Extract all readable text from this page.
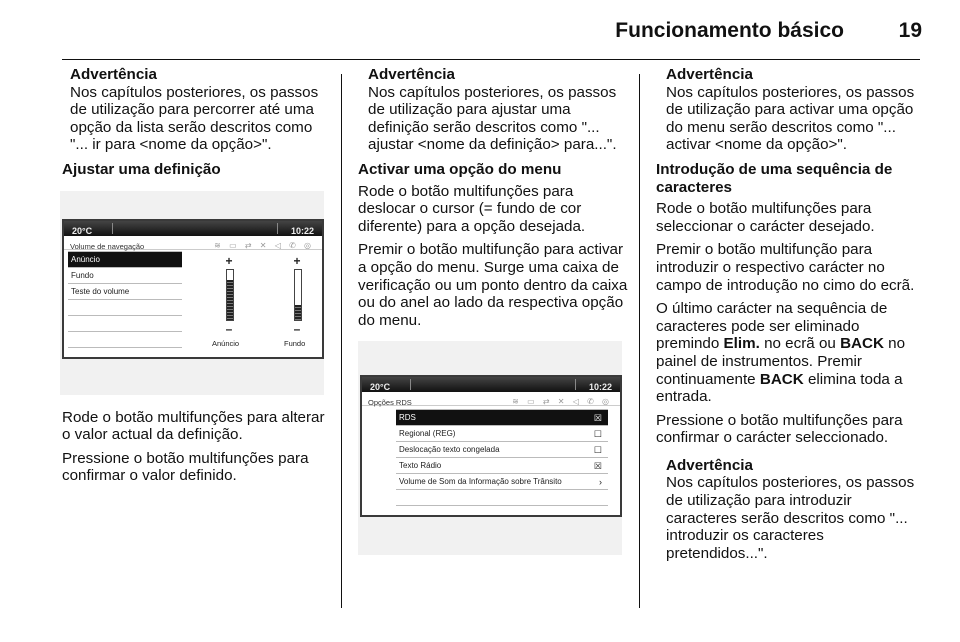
Funcionamento básico	19
Advertência
Nos capítulos posteriores, os passos de utilização para percorrer até uma opção da lista serão descritos como "... ir para <nome da opção>".
Ajustar uma definição
20°C	10:22
Volume de navegação	≋ ▭ ⇄ ✕ ◁ ✆ ◎
Anúncio
Fundo
Teste do volume
+
–
+
–
Anúncio	Fundo

Rode o botão multifunções para alterar o valor actual da definição.

Pressione o botão multifunções para confirmar o valor definido.

Advertência
Nos capítulos posteriores, os passos de utilização para ajustar uma definição serão descritos como "... ajustar <nome da definição> para...".
Activar uma opção do menu

Rode o botão multifunções para deslocar o cursor (= fundo de cor diferente) para a opção desejada.

Premir o botão multifunção para activar a opção do menu. Surge uma caixa de verificação ou um ponto dentro da caixa ou do anel ao lado da respectiva opção do menu.

20°C	10:22
Opções RDS	≋ ▭ ⇄ ✕ ◁ ✆ ◎
RDS	☒
Regional (REG)	☐
Deslocação texto congelada	☐
Texto Rádio	☒
Volume de Som da Informação sobre Trânsito	›
Advertência
Nos capítulos posteriores, os passos de utilização para activar uma opção do menu serão descritos como "... activar <nome da opção>".
Introdução de uma sequência de caracteres

Rode o botão multifunções para seleccionar o carácter desejado.

Premir o botão multifunção para introduzir o respectivo carácter no campo de introdução no cimo do ecrã.

O último carácter na sequência de caracteres pode ser eliminado premindo Elim. no ecrã ou BACK no painel de instrumentos. Premir continuamente BACK elimina toda a entrada.

Pressione o botão multifunções para confirmar o carácter seleccionado.

Advertência
Nos capítulos posteriores, os passos de utilização para introduzir caracteres serão descritos como "... introduzir os caracteres pretendidos...".
